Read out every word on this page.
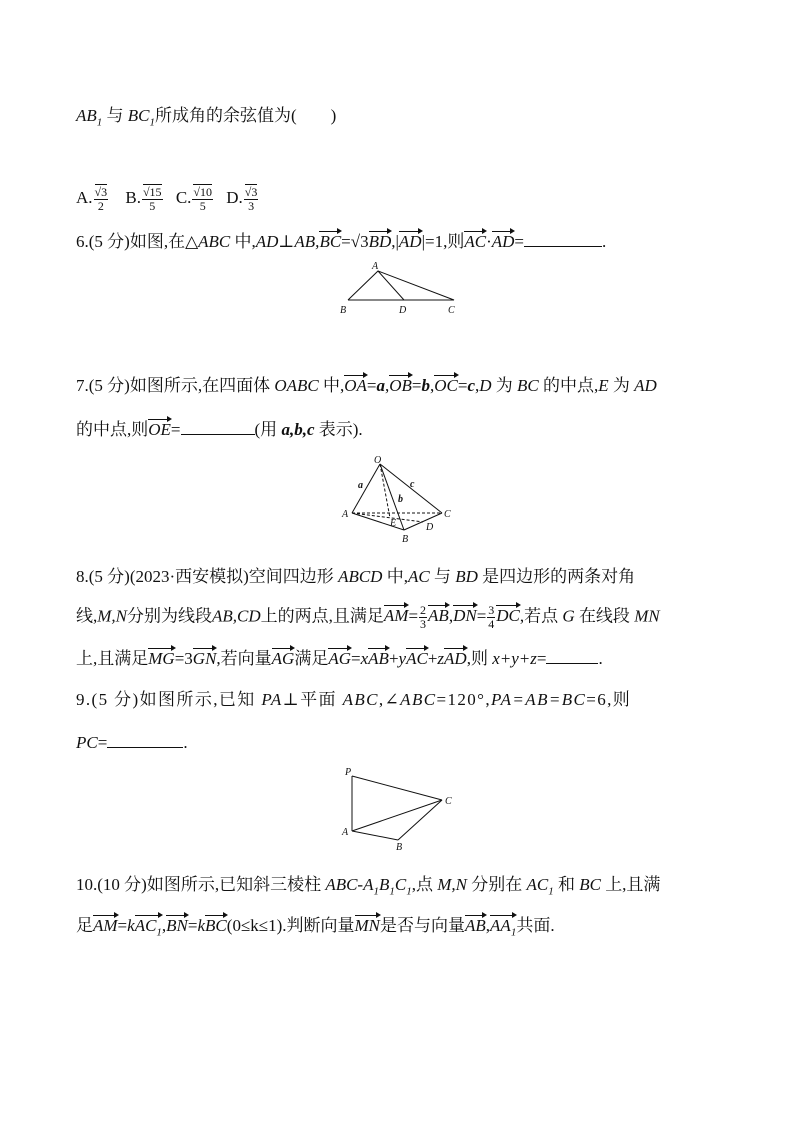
$AB_1$ 与 $BC_1$所成角的余弦值为(　　)
A. $\frac{√3}{2} B$. $\frac{√15}{5} C$. $\frac{√10}{5} D$. $\frac{√3}{3}$
6.(5 分)如图,在△ABC 中,AD⊥AB,BC=√3BD,|AD|=1,则AC·AD=	.
A
B	D	C
7.(5 分)如图所示,在四面体 OABC 中,OA=a,OB=b,OC=c,D 为 BC 的中点,E 为 AD
的中点,则OE=	(用 a,b,c 表示).
O
a
b
c
A
E	D
C
B
8.(5 分)(2023·西安模拟)空间四边形 ABCD 中,AC 与 BD 是四边形的两条对角
线,M,N分别为线段AB,CD上的两点,且满足$AM= \frac{2}{3} AB,DN= \frac{3}{4}$ DC,若点 G 在线段 MN
上,且满足MG=3GN,若向量AG满足AG=xAB+yAC+zAD,则 x+y+z=	.
9.(5 分)如图所示,已知 PA⊥平面 ABC,∠ABC=120°,PA=AB=BC=6,则
PC=	.
P
C
A
B
10.(10 分)如图所示,已知斜三棱柱 ABC-$A_1B_1C_1$,点 M,N 分别在 $AC_1$ 和 BC 上,且满
足AM=kAC$_1$,BN=kBC(0≤k≤1).判断向量MN是否与向量$AB,AA_1$共面.
